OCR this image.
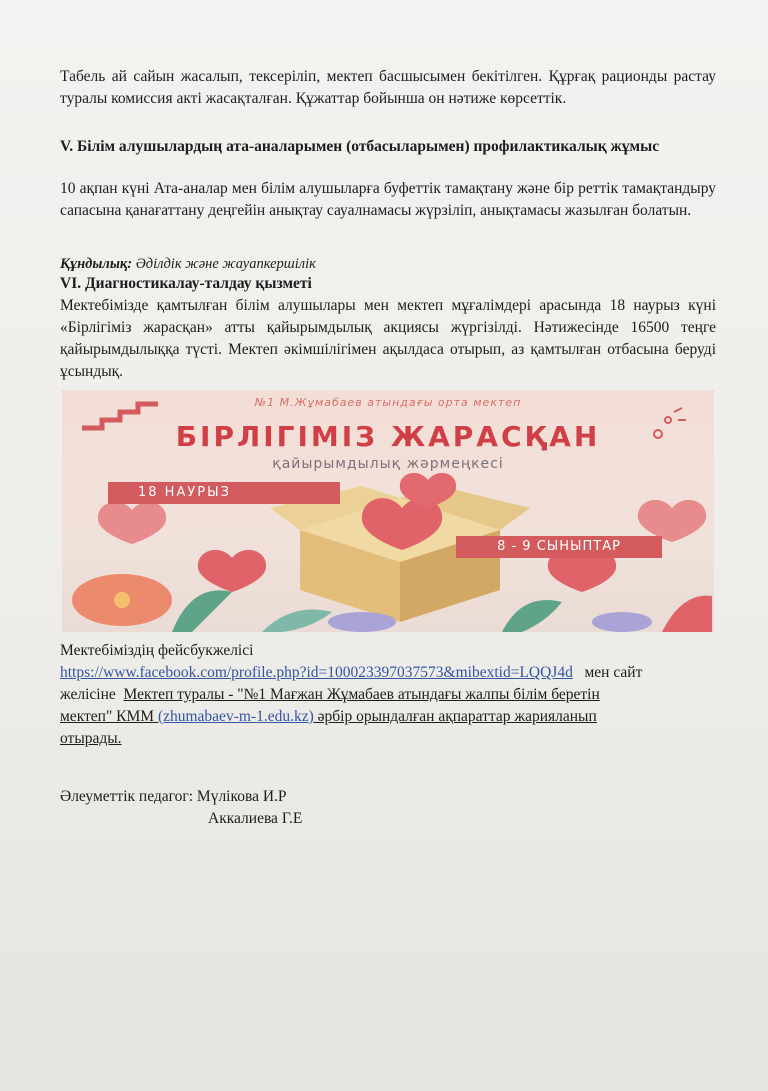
Табель ай сайын жасалып, тексеріліп, мектеп басшысымен бекітілген. Құрғақ рационды растау туралы комиссия акті жасақталған. Құжаттар бойынша он нәтиже көрсеттік.
V. Білім алушылардың ата-аналарымен (отбасыларымен) профилактикалық жұмыс
10 ақпан күні Ата-аналар мен білім алушыларға буфеттік тамақтану және бір реттік тамақтандыру сапасына қанағаттану деңгейін анықтау сауалнамасы жүрзіліп, анықтамасы жазылған болатын.
Құндылық: Әділдік және жауапкершілік
VI. Диагностикалау-талдау қызметі
Мектебімізде қамтылған білім алушылары мен мектеп мұғалімдері арасында 18 наурыз күні «Бірлігіміз жарасқан» атты қайырымдылық акциясы жүргізілді. Нәтижесінде 16500 теңге қайырымдылыққа түсті. Мектеп әкімшілігімен ақылдаса отырып, аз қамтылған отбасына беруді ұсындық.
№1 М.Жұмабаев атындағы орта мектеп
БІРЛІГІМІЗ ЖАРАСҚАН
қайырымдылық жәрмеңкесі
18 НАУРЫЗ
8 - 9 СЫНЫПТАР
Мектебіміздің фейсбукжелісі
https://www.facebook.com/profile.php?id=100023397037573&mibextid=LQQJ4d   мен сайт
желісіне  Мектеп туралы - "№1 Мағжан Жұмабаев атындағы жалпы білім беретін
мектеп" КММ (zhumabaev-m-1.edu.kz) әрбір орындалған ақпараттар жарияланып
отырады.
Әлеуметтік педагог: Мүлікова И.Р
Аккалиева Г.Е
